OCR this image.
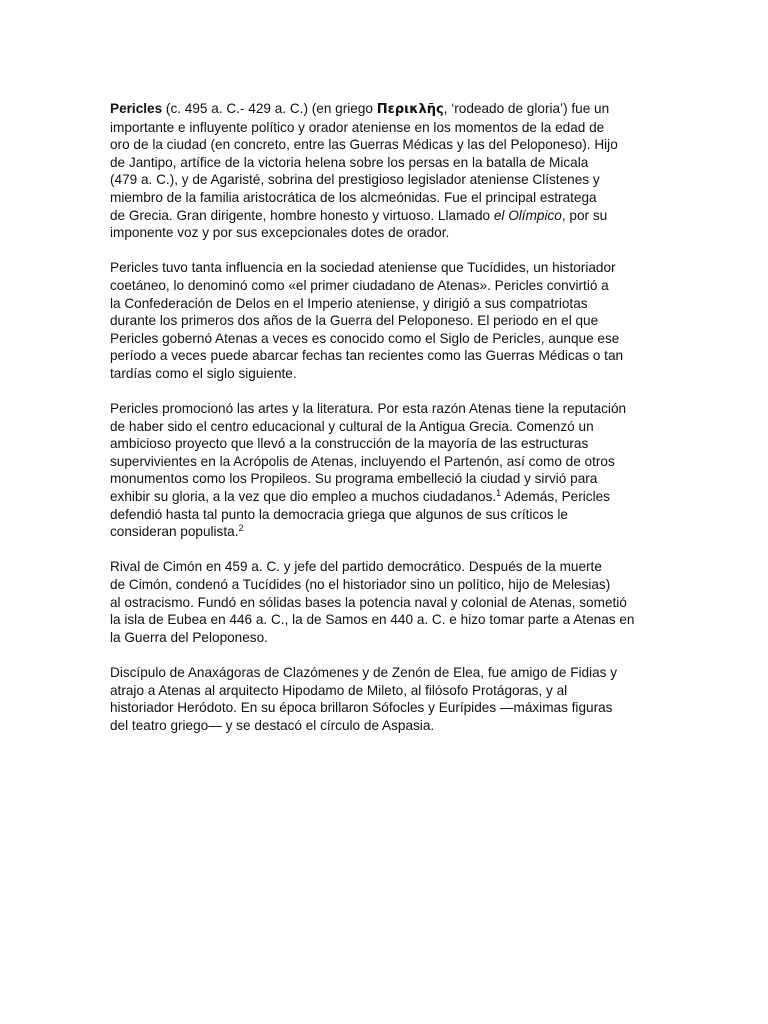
Pericles (c. 495 a. C.- 429 a. C.) (en griego Περικλῆς, ‘rodeado de gloria’) fue un
importante e influyente político y orador ateniense en los momentos de la edad de
oro de la ciudad (en concreto, entre las Guerras Médicas y las del Peloponeso). Hijo
de Jantipo, artífice de la victoria helena sobre los persas en la batalla de Micala
(479 a. C.), y de Agaristé, sobrina del prestigioso legislador ateniense Clístenes y
miembro de la familia aristocrática de los alcmeónidas. Fue el principal estratega
de Grecia. Gran dirigente, hombre honesto y virtuoso. Llamado el Olímpico, por su
imponente voz y por sus excepcionales dotes de orador.

Pericles tuvo tanta influencia en la sociedad ateniense que Tucídides, un historiador
coetáneo, lo denominó como «el primer ciudadano de Atenas». Pericles convirtió a
la Confederación de Delos en el Imperio ateniense, y dirigió a sus compatriotas
durante los primeros dos años de la Guerra del Peloponeso. El periodo en el que
Pericles gobernó Atenas a veces es conocido como el Siglo de Pericles, aunque ese
período a veces puede abarcar fechas tan recientes como las Guerras Médicas o tan
tardías como el siglo siguiente.

Pericles promocionó las artes y la literatura. Por esta razón Atenas tiene la reputación
de haber sido el centro educacional y cultural de la Antigua Grecia. Comenzó un
ambicioso proyecto que llevó a la construcción de la mayoría de las estructuras
supervivientes en la Acrópolis de Atenas, incluyendo el Partenón, así como de otros
monumentos como los Propileos. Su programa embelleció la ciudad y sirvió para
exhibir su gloria, a la vez que dio empleo a muchos ciudadanos.$^1$ Además, Pericles
defendió hasta tal punto la democracia griega que algunos de sus críticos le
consideran populista.$^2$

Rival de Cimón en 459 a. C. y jefe del partido democrático. Después de la muerte
de Cimón, condenó a Tucídides (no el historiador sino un político, hijo de Melesias)
al ostracismo. Fundó en sólidas bases la potencia naval y colonial de Atenas, sometió
la isla de Eubea en 446 a. C., la de Samos en 440 a. C. e hizo tomar parte a Atenas en
la Guerra del Peloponeso.

Discípulo de Anaxágoras de Clazómenes y de Zenón de Elea, fue amigo de Fidias y
atrajo a Atenas al arquitecto Hipodamo de Mileto, al filósofo Protágoras, y al
historiador Heródoto. En su época brillaron Sófocles y Eurípides —máximas figuras
del teatro griego— y se destacó el círculo de Aspasia.
